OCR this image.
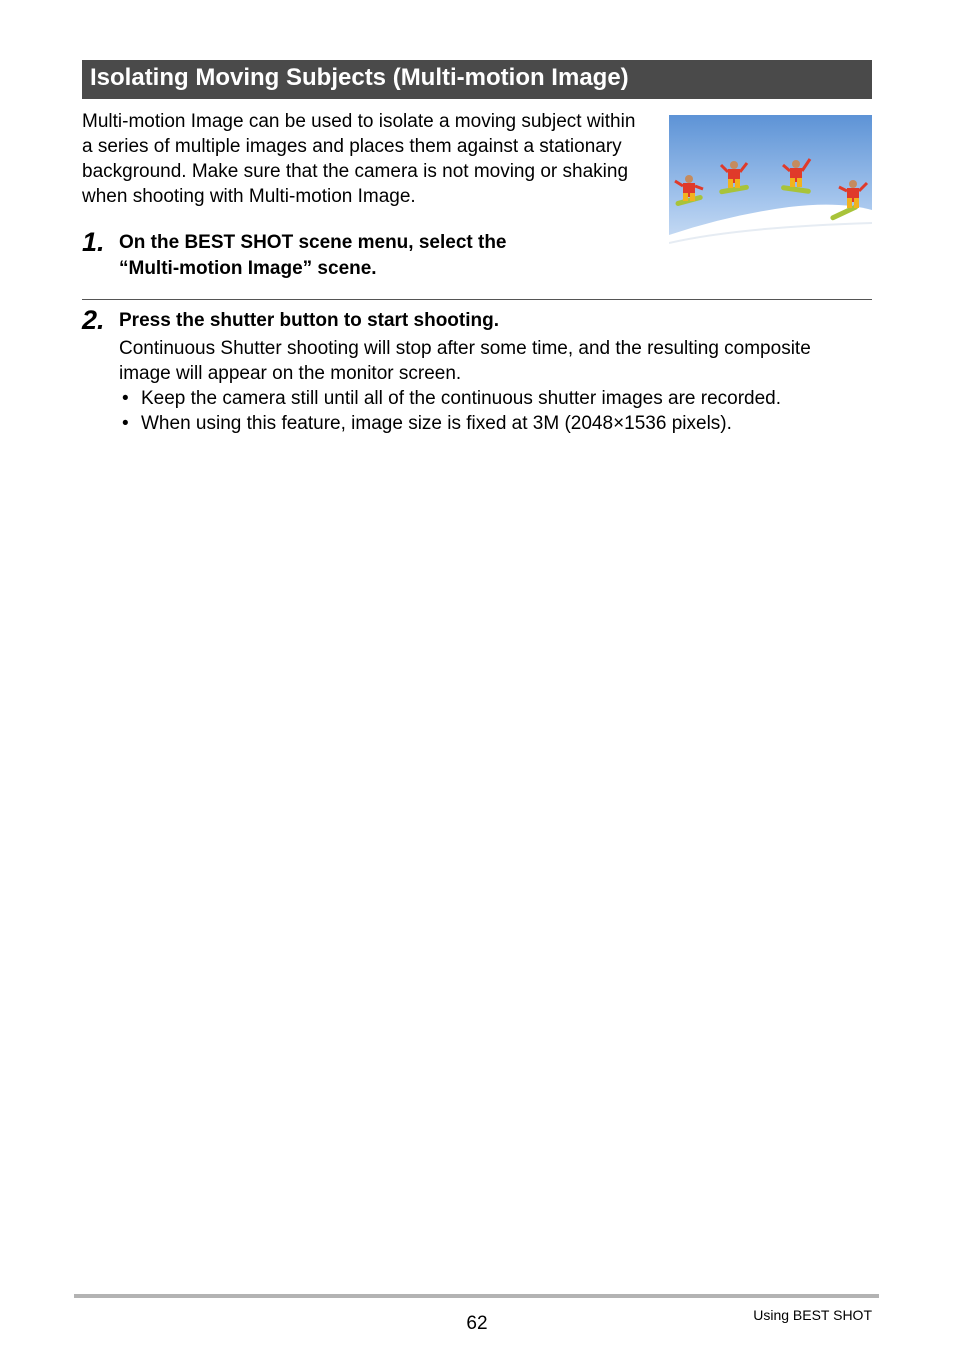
Isolating Moving Subjects (Multi-motion Image)
Multi-motion Image can be used to isolate a moving subject within a series of multiple images and places them against a stationary background. Make sure that the camera is not moving or shaking when shooting with Multi-motion Image.
1. On the BEST SHOT scene menu, select the
“Multi-motion Image” scene.
2. Press the shutter button to start shooting.
Continuous Shutter shooting will stop after some time, and the resulting composite image will appear on the monitor screen.
• Keep the camera still until all of the continuous shutter images are recorded.
• When using this feature, image size is fixed at 3M (2048×1536 pixels).
62	Using BEST SHOT
